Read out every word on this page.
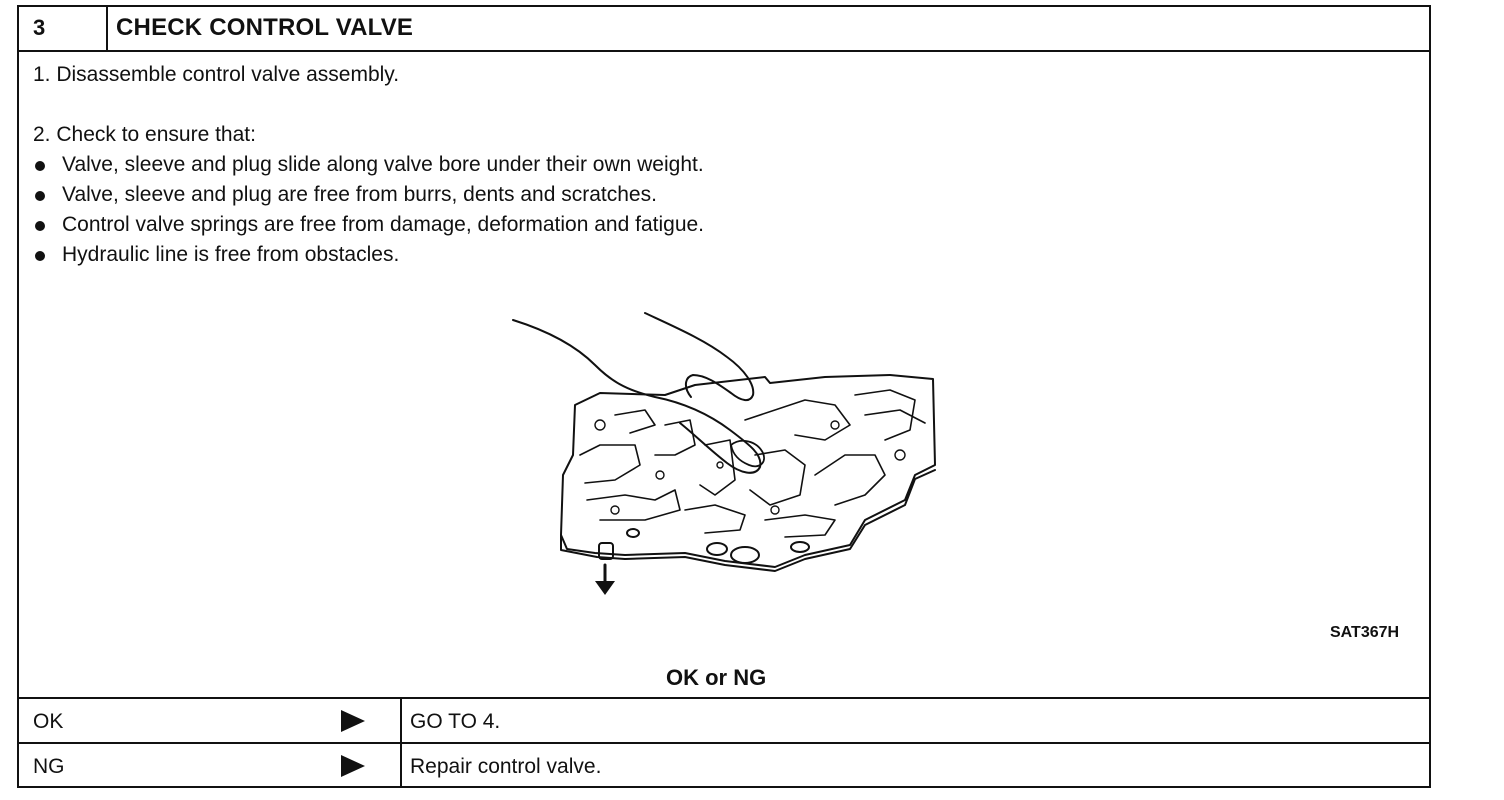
3	CHECK CONTROL VALVE
1. Disassemble control valve assembly.
2. Check to ensure that:
Valve, sleeve and plug slide along valve bore under their own weight.
Valve, sleeve and plug are free from burrs, dents and scratches.
Control valve springs are free from damage, deformation and fatigue.
Hydraulic line is free from obstacles.
SAT367H
OK or NG
OK	GO TO 4.
NG	Repair control valve.
